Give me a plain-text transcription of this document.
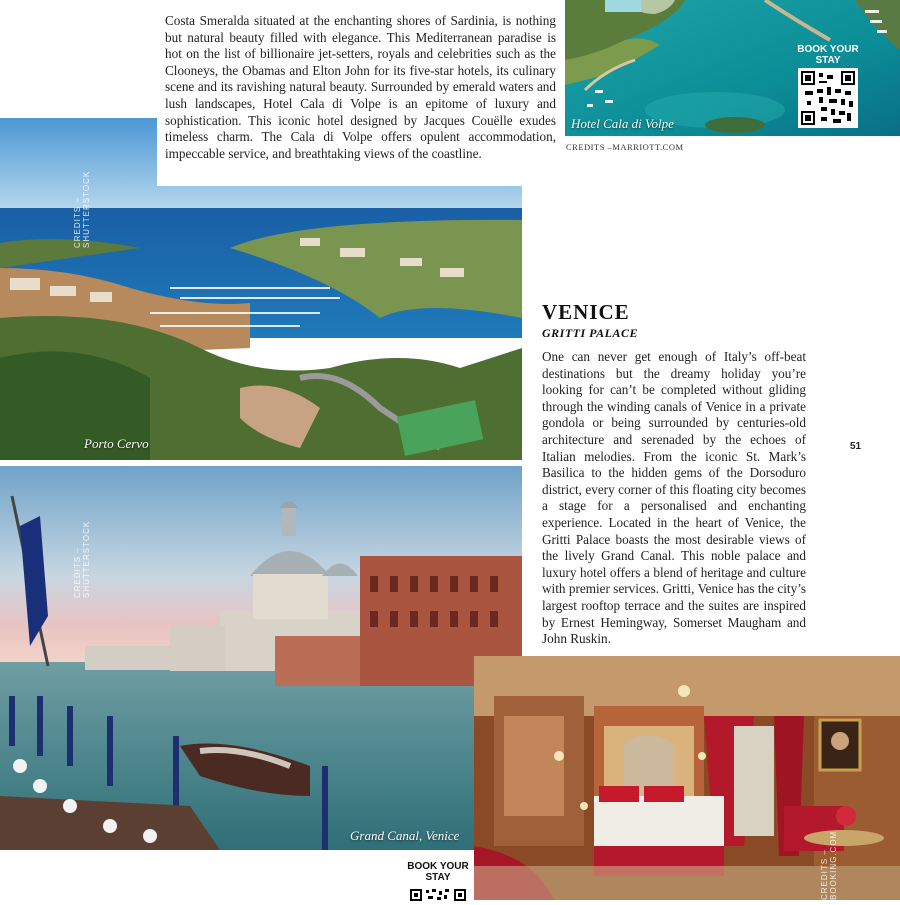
Hotel Cala di Volpe
BOOK YOUR STAY
CREDITS –MARRIOTT.COM
Porto Cervo
CREDITS – SHUTTERSTOCK

Costa Smeralda situated at the enchanting shores of Sardinia, is nothing but natural beauty filled with elegance. This Mediterranean paradise is hot on the list of billionaire jet-setters, royals and celebrities such as the Clooneys, the Obamas and Elton John for its five-star hotels, its culinary scene and its ravishing natural beauty. Surrounded by emerald waters and lush landscapes, Hotel Cala di Volpe is an epitome of luxury and sophistication. This iconic hotel designed by Jacques Couëlle exudes timeless charm. The Cala di Volpe offers opulent accommodation, impeccable service, and breathtaking views of the coastline.

Grand Canal, Venice
CREDITS – SHUTTERSTOCK
VENICE
GRITTI PALACE

One can never get enough of Italy’s off-beat destinations but the dreamy holiday you’re looking for can’t be completed without gliding through the winding canals of Venice in a private gondola or being surrounded by centuries-old architecture and serenaded by the echoes of Italian melodies. From the iconic St. Mark’s Basilica to the hidden gems of the Dorsoduro district, every corner of this floating city becomes a stage for a personalised and enchanting experience. Located in the heart of Venice, the Gritti Palace boasts the most desirable views of the lively Grand Canal. This noble palace and luxury hotel offers a blend of heritage and culture with premier services. Gritti, Venice has the city’s largest rooftop terrace and the suites are inspired by Ernest Hemingway, Somerset Maugham and John Ruskin.

51
CREDITS –BOOKING.COM
BOOK YOUR STAY
